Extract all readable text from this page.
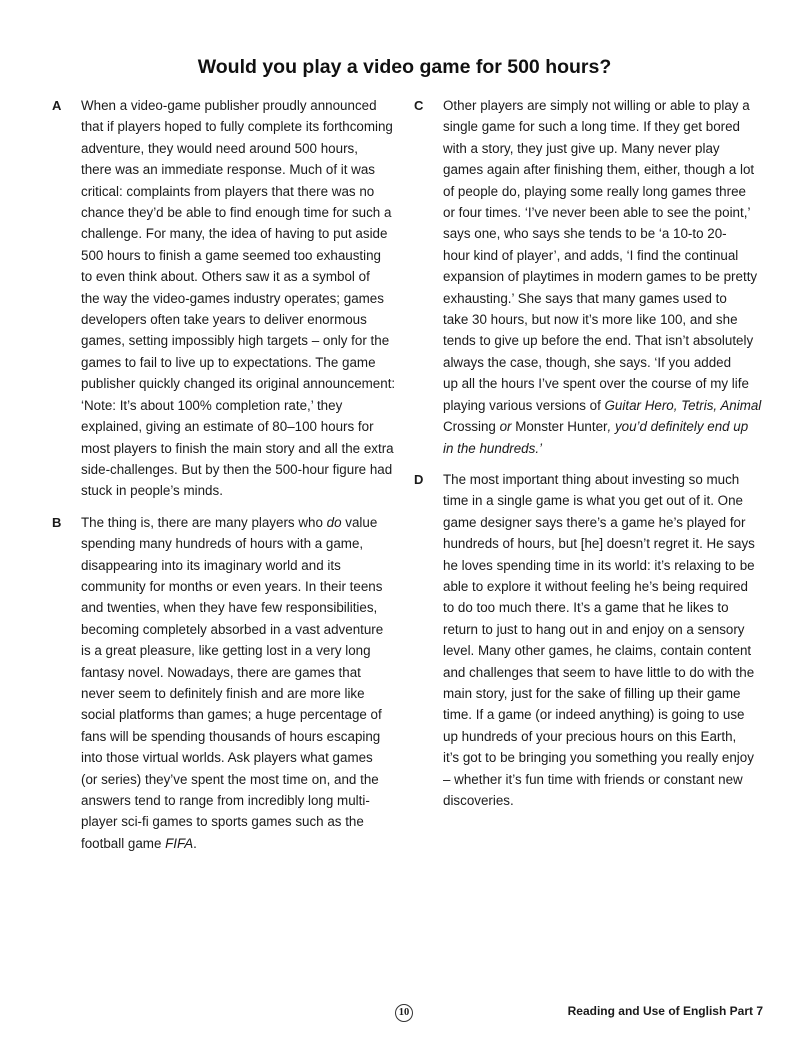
Would you play a video game for 500 hours?
A When a video-game publisher proudly announced
that if players hoped to fully complete its forthcoming
adventure, they would need around 500 hours,
there was an immediate response. Much of it was
critical: complaints from players that there was no
chance they’d be able to find enough time for such a
challenge. For many, the idea of having to put aside
500 hours to finish a game seemed too exhausting
to even think about. Others saw it as a symbol of
the way the video-games industry operates; games
developers often take years to deliver enormous
games, setting impossibly high targets – only for the
games to fail to live up to expectations. The game
publisher quickly changed its original announcement:
‘Note: It’s about 100% completion rate,’ they
explained, giving an estimate of 80–100 hours for
most players to finish the main story and all the extra
side-challenges. But by then the 500-hour figure had
stuck in people’s minds.

B The thing is, there are many players who do value
spending many hundreds of hours with a game,
disappearing into its imaginary world and its
community for months or even years. In their teens
and twenties, when they have few responsibilities,
becoming completely absorbed in a vast adventure
is a great pleasure, like getting lost in a very long
fantasy novel. Nowadays, there are games that
never seem to definitely finish and are more like
social platforms than games; a huge percentage of
fans will be spending thousands of hours escaping
into those virtual worlds. Ask players what games
(or series) they’ve spent the most time on, and the
answers tend to range from incredibly long multi-
player sci-fi games to sports games such as the
football game FIFA.

C Other players are simply not willing or able to play a
single game for such a long time. If they get bored
with a story, they just give up. Many never play
games again after finishing them, either, though a lot
of people do, playing some really long games three
or four times. ‘I’ve never been able to see the point,’
says one, who says she tends to be ‘a 10-to 20-
hour kind of player’, and adds, ‘I find the continual
expansion of playtimes in modern games to be pretty
exhausting.’ She says that many games used to
take 30 hours, but now it’s more like 100, and she
tends to give up before the end. That isn’t absolutely
always the case, though, she says. ‘If you added
up all the hours I’ve spent over the course of my life
playing various versions of Guitar Hero, Tetris, Animal
Crossing or Monster Hunter, you’d definitely end up
in the hundreds.’

D The most important thing about investing so much
time in a single game is what you get out of it. One
game designer says there’s a game he’s played for
hundreds of hours, but [he] doesn’t regret it. He says
he loves spending time in its world: it’s relaxing to be
able to explore it without feeling he’s being required
to do too much there. It’s a game that he likes to
return to just to hang out in and enjoy on a sensory
level. Many other games, he claims, contain content
and challenges that seem to have little to do with the
main story, just for the sake of filling up their game
time. If a game (or indeed anything) is going to use
up hundreds of your precious hours on this Earth,
it’s got to be bringing you something you really enjoy
– whether it’s fun time with friends or constant new
discoveries.

10	Reading and Use of English Part 7
